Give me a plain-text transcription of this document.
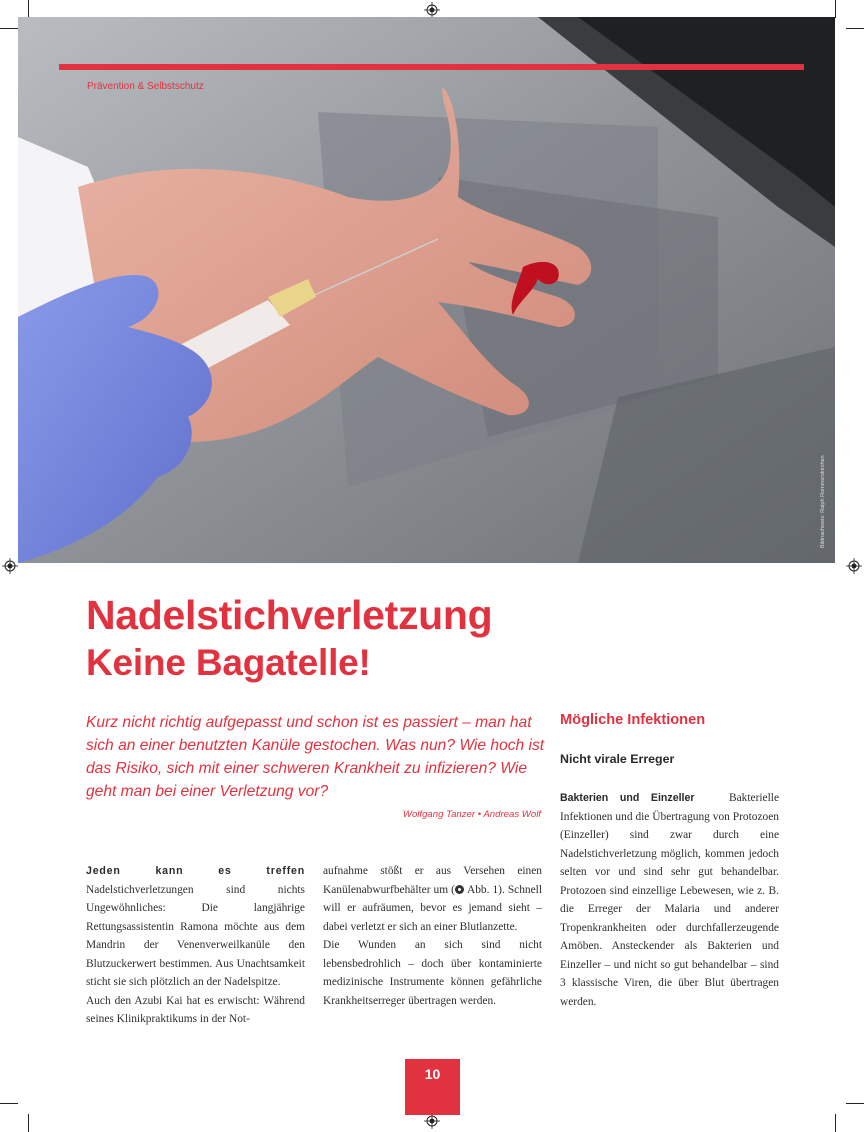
Prävention & Selbstschutz
Bildnachweis: Ralph Rommerskirchen
Nadelstichverletzung
Keine Bagatelle!

Kurz nicht richtig aufgepasst und schon ist es passiert – man hat sich an einer benutzten Kanüle gestochen. Was nun? Wie hoch ist das Risiko, sich mit einer schweren Krankheit zu infizieren? Wie geht man bei einer Verletzung vor?

Wolfgang Tanzer • Andreas Wolf

Jeden kann es treffen Nadelstichverletzungen sind nichts Ungewöhnliches: Die langjährige Rettungsassistentin Ramona möchte aus dem Mandrin der Venenverweilkanüle den Blutzuckerwert bestimmen. Aus Unachtsamkeit sticht sie sich plötzlich an der Nadelspitze.

Auch den Azubi Kai hat es erwischt: Während seines Klinikpraktikums in der Not-

aufnahme stößt er aus Versehen einen Kanülenabwurfbehälter um ( Abb. 1). Schnell will er aufräumen, bevor es jemand sieht – dabei verletzt er sich an einer Blutlanzette.

Die Wunden an sich sind nicht lebensbedrohlich – doch über kontaminierte medizinische Instrumente können gefährliche Krankheitserreger übertragen werden.

Mögliche Infektionen
Nicht virale Erreger

Bakterien und Einzeller	Bakterielle Infektionen und die Übertragung von Protozoen (Einzeller) sind zwar durch eine Nadelstichverletzung möglich, kommen jedoch selten vor und sind sehr gut behandelbar. Protozoen sind einzellige Lebewesen, wie z. B. die Erreger der Malaria und anderer Tropenkrankheiten oder durchfallerzeugende Amöben. Ansteckender als Bakterien und Einzeller – und nicht so gut behandelbar – sind 3 klassische Viren, die über Blut übertragen werden.

10
